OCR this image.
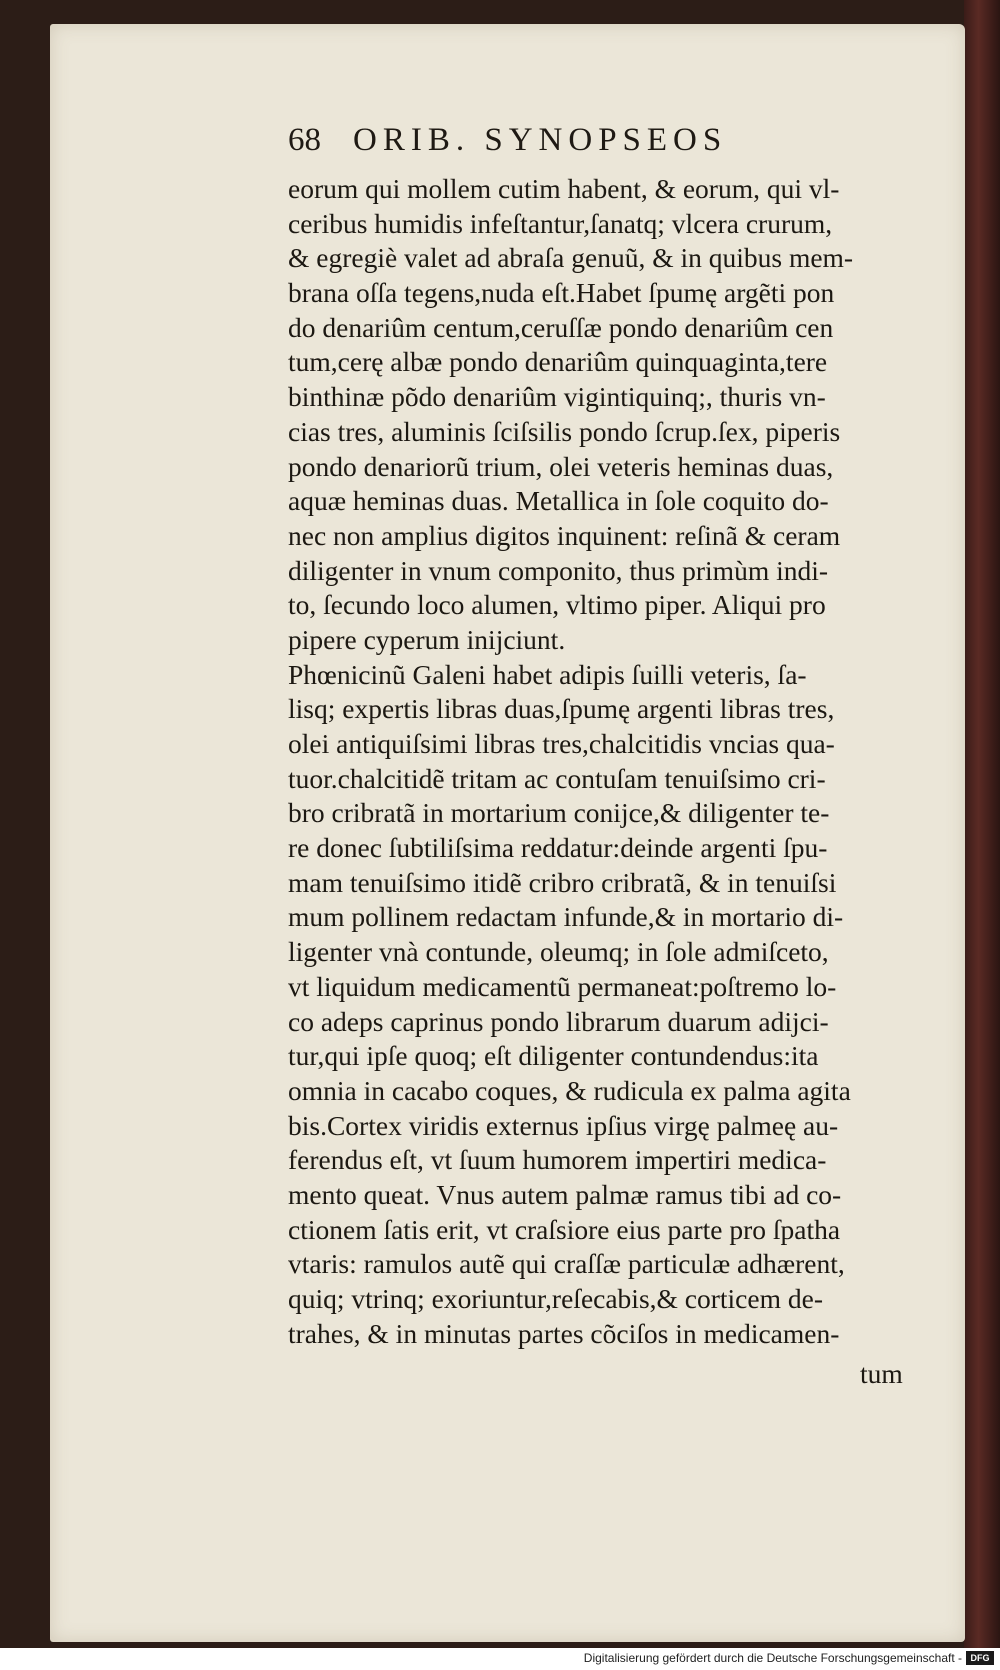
68 ORIB. SYNOPSEOS
eorum qui mollem cutim habent, & eorum, qui vl-
ceribus humidis infeſtantur,ſanatq; vlcera crurum,
& egregiè valet ad abraſa genuũ, & in quibus mem-
brana oſſa tegens,nuda eſt.Habet ſpumę argẽti pon
do denariûm centum,ceruſſæ pondo denariûm cen
tum,cerę albæ pondo denariûm quinquaginta,tere
binthinæ põdo denariûm vigintiquinq;, thuris vn-
cias tres, aluminis ſciſsilis pondo ſcrup.ſex, piperis
pondo denariorũ trium, olei veteris heminas duas,
aquæ heminas duas. Metallica in ſole coquito do-
nec non amplius digitos inquinent: reſinã & ceram
diligenter in vnum componito, thus primùm indi-
to, ſecundo loco alumen, vltimo piper. Aliqui pro
pipere cyperum inijciunt.
Phœnicinũ Galeni habet adipis ſuilli veteris, ſa-
lisq; expertis libras duas,ſpumę argenti libras tres,
olei antiquiſsimi libras tres,chalcitidis vncias qua-
tuor.chalcitidẽ tritam ac contuſam tenuiſsimo cri-
bro cribratã in mortarium conijce,& diligenter te-
re donec ſubtiliſsima reddatur:deinde argenti ſpu-
mam tenuiſsimo itidẽ cribro cribratã, & in tenuiſsi
mum pollinem redactam infunde,& in mortario di-
ligenter vnà contunde, oleumq; in ſole admiſceto,
vt liquidum medicamentũ permaneat:poſtremo lo-
co adeps caprinus pondo librarum duarum adijci-
tur,qui ipſe quoq; eſt diligenter contundendus:ita
omnia in cacabo coques, & rudicula ex palma agita
bis.Cortex viridis externus ipſius virgę palmeę au-
ferendus eſt, vt ſuum humorem impertiri medica-
mento queat. Vnus autem palmæ ramus tibi ad co-
ctionem ſatis erit, vt craſsiore eius parte pro ſpatha
vtaris: ramulos autẽ qui craſſæ particulæ adhærent,
quiq; vtrinq; exoriuntur,reſecabis,& corticem de-
trahes, & in minutas partes cõciſos in medicamen-
tum
Digitalisierung gefördert durch die Deutsche Forschungsgemeinschaft - DFG
